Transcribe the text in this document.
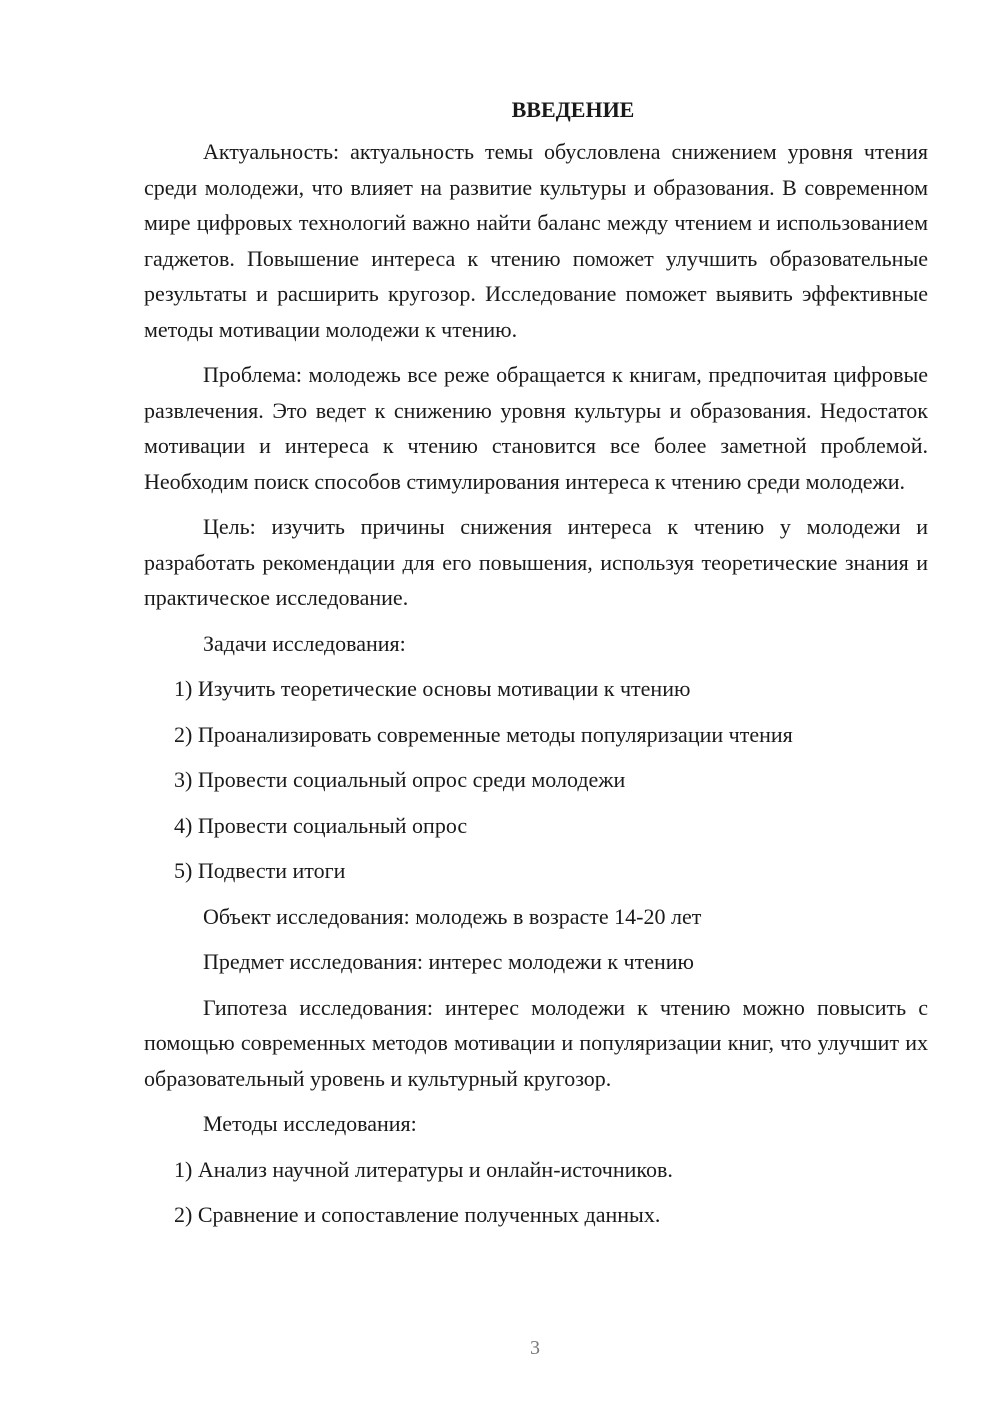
ВВЕДЕНИЕ

Актуальность: актуальность темы обусловлена снижением уровня чтения среди молодежи, что влияет на развитие культуры и образования. В современном мире цифровых технологий важно найти баланс между чтением и использованием гаджетов. Повышение интереса к чтению поможет улучшить образовательные результаты и расширить кругозор. Исследование поможет выявить эффективные методы мотивации молодежи к чтению.

Проблема: молодежь все реже обращается к книгам, предпочитая цифровые развлечения. Это ведет к снижению уровня культуры и образования. Недостаток мотивации и интереса к чтению становится все более заметной проблемой. Необходим поиск способов стимулирования интереса к чтению среди молодежи.

Цель: изучить причины снижения интереса к чтению у молодежи и разработать рекомендации для его повышения, используя теоретические знания и практическое исследование.

Задачи исследования:

1) Изучить теоретические основы мотивации к чтению
2) Проанализировать современные методы популяризации чтения
3) Провести социальный опрос среди молодежи
4) Провести социальный опрос
5) Подвести итоги

Объект исследования: молодежь в возрасте 14-20 лет

Предмет исследования: интерес молодежи к чтению

Гипотеза исследования: интерес молодежи к чтению можно повысить с помощью современных методов мотивации и популяризации книг, что улучшит их образовательный уровень и культурный кругозор.

Методы исследования:

1) Анализ научной литературы и онлайн-источников.
2) Сравнение и сопоставление полученных данных.
3
